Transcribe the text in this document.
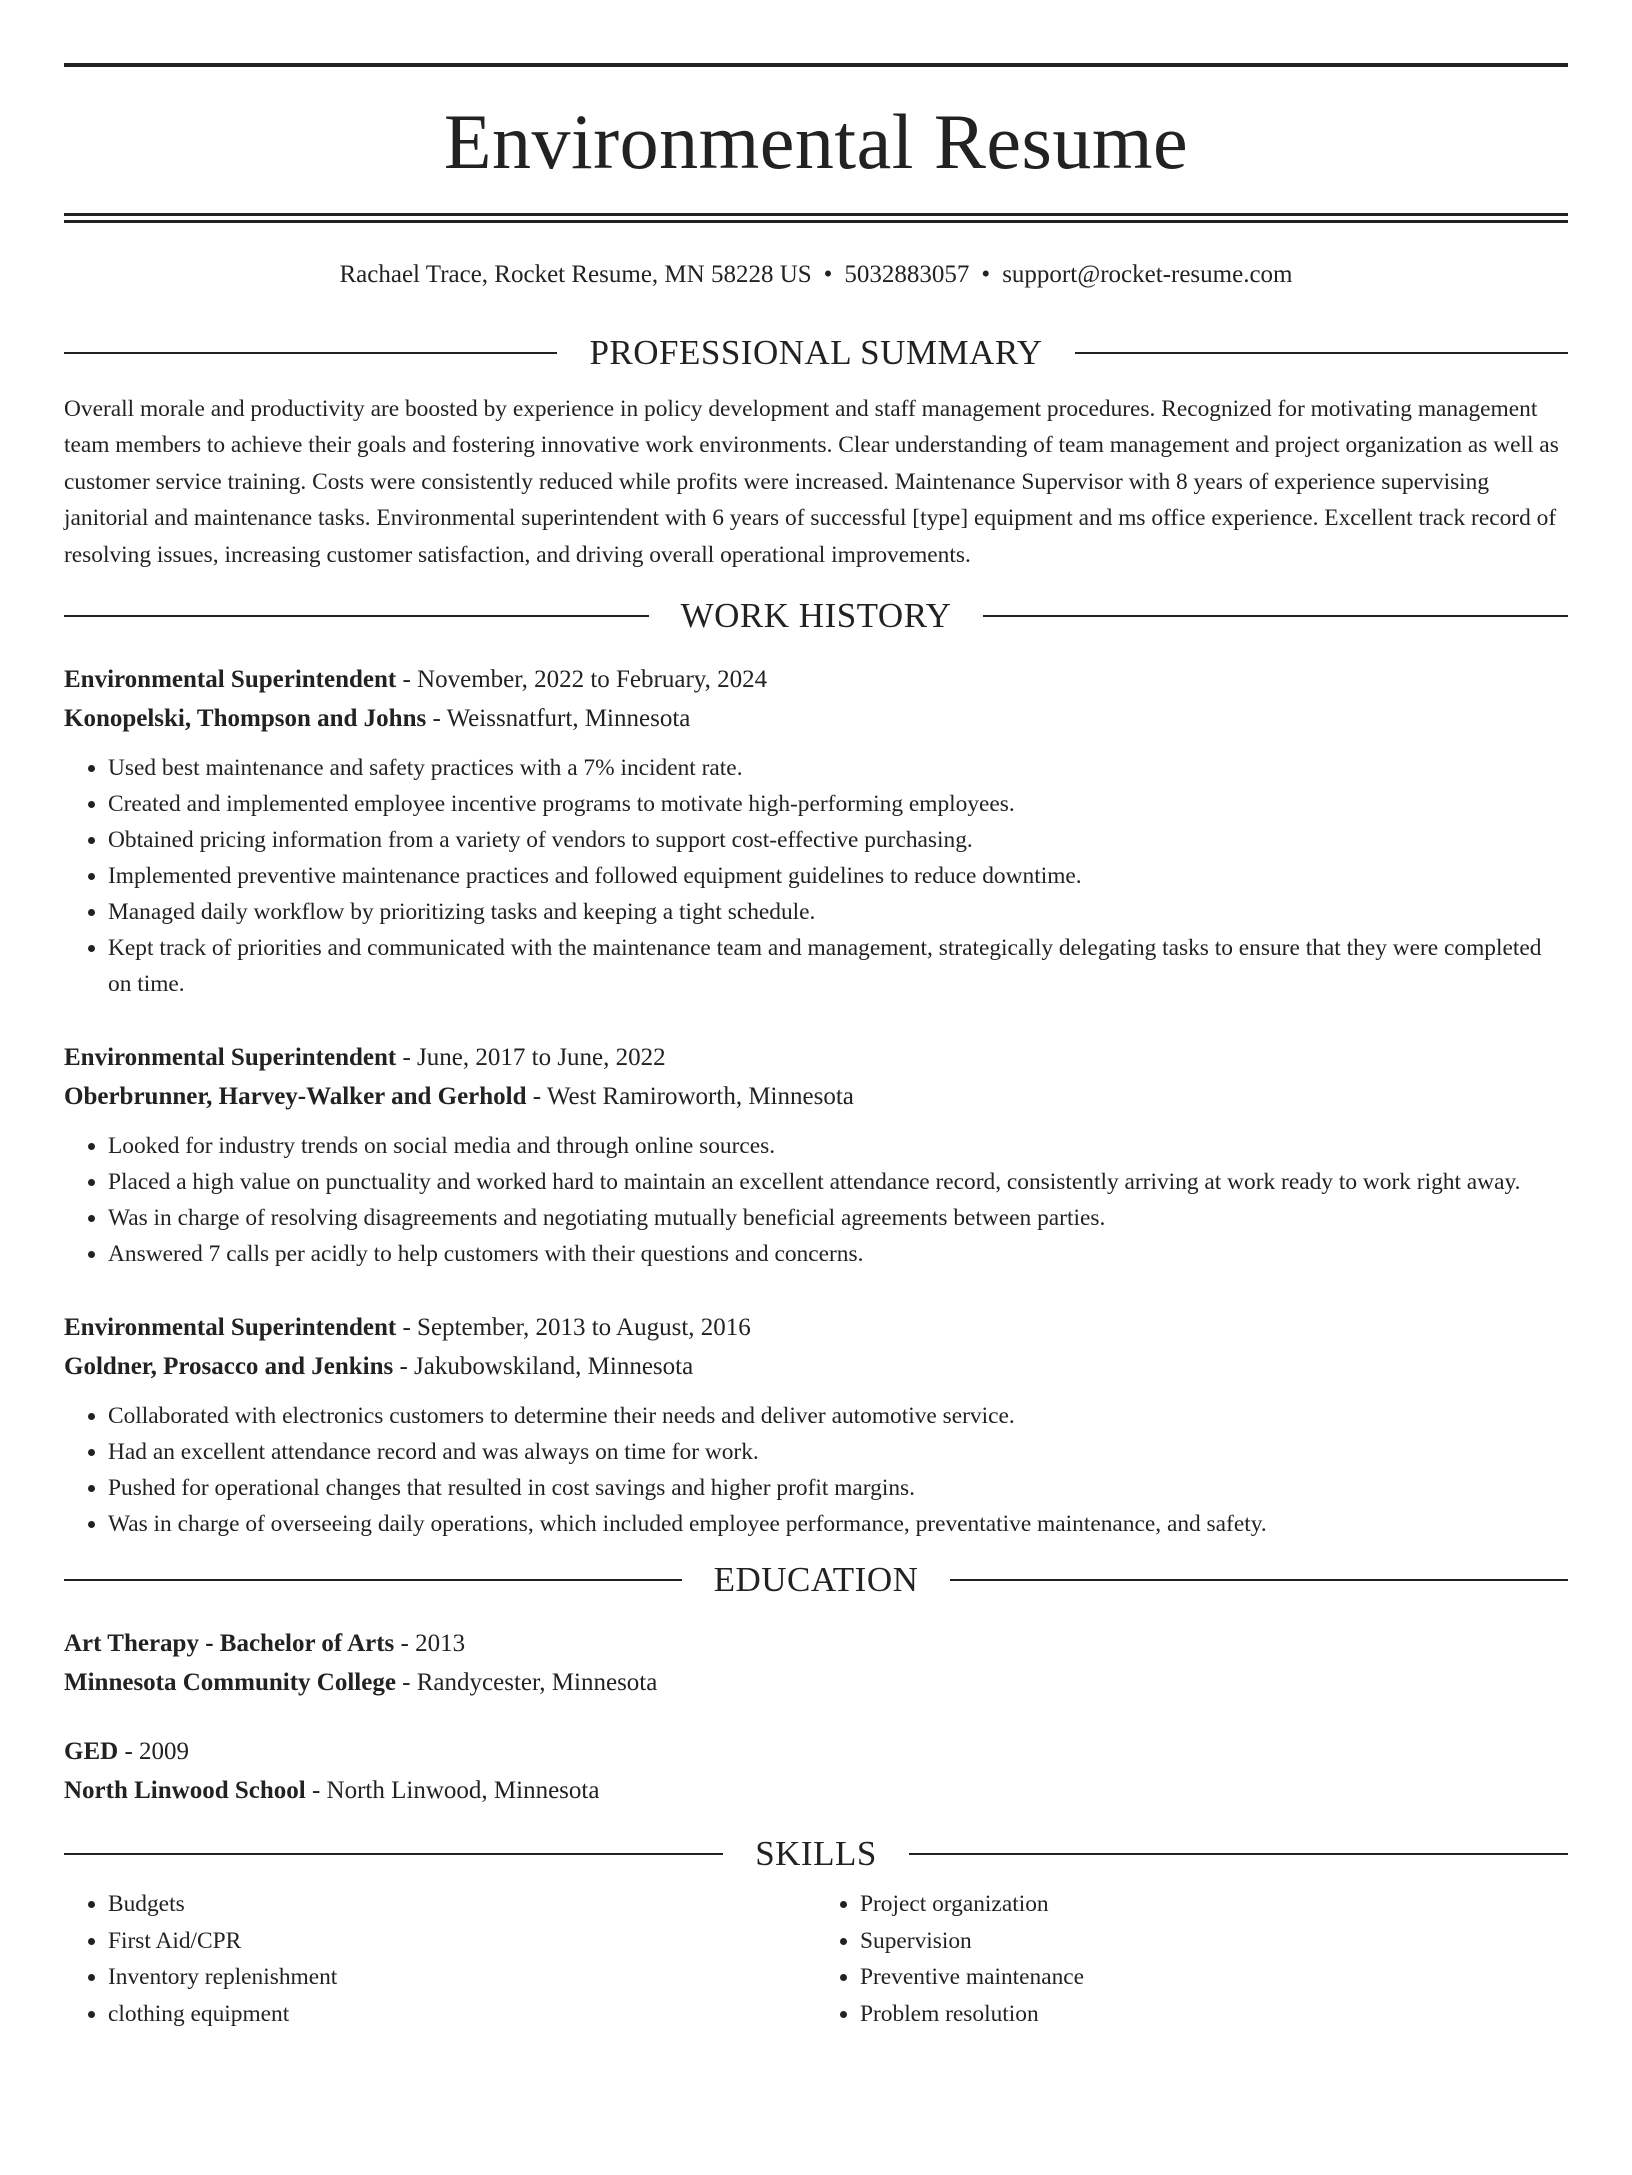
Environmental Resume
Rachael Trace, Rocket Resume, MN 58228 US • 5032883057 • support@rocket-resume.com
PROFESSIONAL SUMMARY

Overall morale and productivity are boosted by experience in policy development and staff management procedures. Recognized for motivating management team members to achieve their goals and fostering innovative work environments. Clear understanding of team management and project organization as well as customer service training. Costs were consistently reduced while profits were increased. Maintenance Supervisor with 8 years of experience supervising janitorial and maintenance tasks. Environmental superintendent with 6 years of successful [type] equipment and ms office experience. Excellent track record of resolving issues, increasing customer satisfaction, and driving overall operational improvements.

WORK HISTORY
Environmental Superintendent - November, 2022 to February, 2024
Konopelski, Thompson and Johns - Weissnatfurt, Minnesota
• Used best maintenance and safety practices with a 7% incident rate.
• Created and implemented employee incentive programs to motivate high-performing employees.
• Obtained pricing information from a variety of vendors to support cost-effective purchasing.
• Implemented preventive maintenance practices and followed equipment guidelines to reduce downtime.
• Managed daily workflow by prioritizing tasks and keeping a tight schedule.
• Kept track of priorities and communicated with the maintenance team and management, strategically delegating tasks to ensure that they were completed on time.
Environmental Superintendent - June, 2017 to June, 2022
Oberbrunner, Harvey-Walker and Gerhold - West Ramiroworth, Minnesota
• Looked for industry trends on social media and through online sources.
• Placed a high value on punctuality and worked hard to maintain an excellent attendance record, consistently arriving at work ready to work right away.
• Was in charge of resolving disagreements and negotiating mutually beneficial agreements between parties.
• Answered 7 calls per acidly to help customers with their questions and concerns.
Environmental Superintendent - September, 2013 to August, 2016
Goldner, Prosacco and Jenkins - Jakubowskiland, Minnesota
• Collaborated with electronics customers to determine their needs and deliver automotive service.
• Had an excellent attendance record and was always on time for work.
• Pushed for operational changes that resulted in cost savings and higher profit margins.
• Was in charge of overseeing daily operations, which included employee performance, preventative maintenance, and safety.
EDUCATION
Art Therapy - Bachelor of Arts - 2013
Minnesota Community College - Randycester, Minnesota
GED - 2009
North Linwood School - North Linwood, Minnesota
SKILLS
• Budgets
• First Aid/CPR
• Inventory replenishment
• clothing equipment
• Project organization
• Supervision
• Preventive maintenance
• Problem resolution
